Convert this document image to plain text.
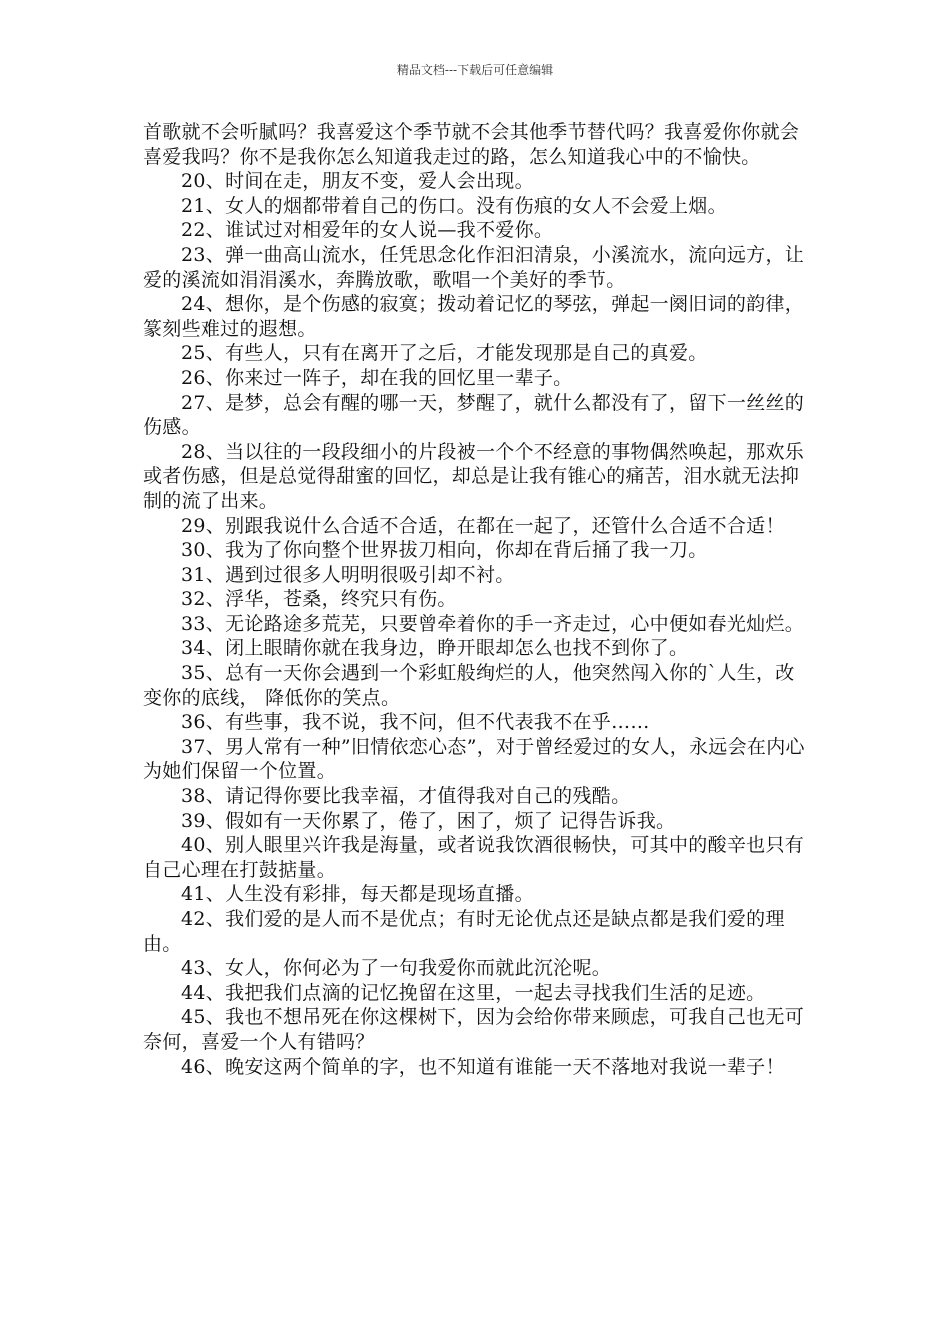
精品文档---下载后可任意编辑

首歌就不会听腻吗？我喜爱这个季节就不会其他季节替代吗？我喜爱你你就会喜爱我吗？你不是我你怎么知道我走过的路，怎么知道我心中的不愉快。

20、时间在走，朋友不变，爱人会出现。

21、女人的烟都带着自己的伤口。没有伤痕的女人不会爱上烟。

22、谁试过对相爱年的女人说—我不爱你。

23、弹一曲高山流水，任凭思念化作汩汩清泉，小溪流水，流向远方，让爱的溪流如涓涓溪水，奔腾放歌，歌唱一个美好的季节。

24、想你，是个伤感的寂寞；拨动着记忆的琴弦，弹起一阕旧词的韵律，篆刻些难过的遐想。

25、有些人，只有在离开了之后，才能发现那是自己的真爱。

26、你来过一阵子，却在我的回忆里一辈子。

27、是梦，总会有醒的哪一天，梦醒了，就什么都没有了，留下一丝丝的伤感。

28、当以往的一段段细小的片段被一个个不经意的事物偶然唤起，那欢乐或者伤感，但是总觉得甜蜜的回忆，却总是让我有锥心的痛苦，泪水就无法抑制的流了出来。

29、别跟我说什么合适不合适，在都在一起了，还管什么合适不合适！

30、我为了你向整个世界拔刀相向，你却在背后捅了我一刀。

31、遇到过很多人明明很吸引却不衬。

32、浮华，苍桑，终究只有伤。

33、无论路途多荒芜，只要曾牵着你的手一齐走过，心中便如春光灿烂。

34、闭上眼睛你就在我身边，睁开眼却怎么也找不到你了。

35、总有一天你会遇到一个彩虹般绚烂的人，他突然闯入你的`人生，改变你的底线， 降低你的笑点。

36、有些事，我不说，我不问，但不代表我不在乎……

37、男人常有一种”旧情依恋心态”，对于曾经爱过的女人，永远会在内心为她们保留一个位置。

38、请记得你要比我幸福，才值得我对自己的残酷。

39、假如有一天你累了，倦了，困了，烦了 记得告诉我。

40、别人眼里兴许我是海量，或者说我饮酒很畅快，可其中的酸辛也只有自己心理在打鼓掂量。

41、人生没有彩排，每天都是现场直播。

42、我们爱的是人而不是优点；有时无论优点还是缺点都是我们爱的理由。

43、女人，你何必为了一句我爱你而就此沉沦呢。

44、我把我们点滴的记忆挽留在这里，一起去寻找我们生活的足迹。

45、我也不想吊死在你这棵树下，因为会给你带来顾虑，可我自己也无可奈何，喜爱一个人有错吗？

46、晚安这两个简单的字，也不知道有谁能一天不落地对我说一辈子！
